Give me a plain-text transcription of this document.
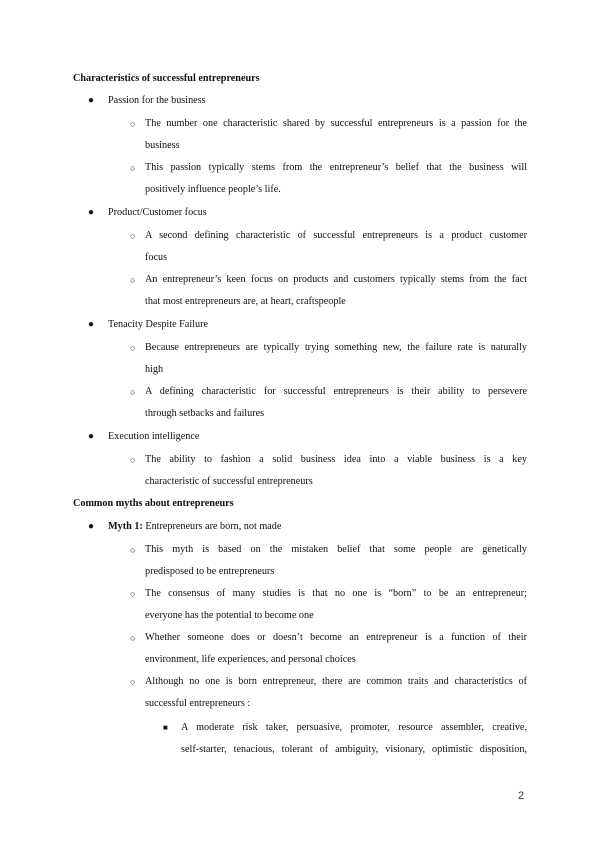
Characteristics of successful entrepreneurs
● Passion for the business
○ The number one characteristic shared by successful entrepreneurs is a passion for the
business
○ This passion typically stems from the entrepreneur’s belief that the business will
positively influence people’s life.
● Product/Customer focus
○ A second defining characteristic of successful entrepreneurs is a product customer
focus
○ An entrepreneur’s keen focus on products and customers typically stems from the fact
that most entrepreneurs are, at heart, craftspeople
● Tenacity Despite Failure
○ Because entrepreneurs are typically trying something new, the failure rate is naturally
high
○ A defining characteristic for successful entrepreneurs is their ability to persevere
through setbacks and failures
● Execution intelligence
○ The ability to fashion a solid business idea into a viable business is a key
characteristic of successful entrepreneurs
Common myths about entrepreneurs
● Myth 1: Entrepreneurs are born, not made
○ This myth is based on the mistaken belief that some people are genetically
predisposed to be entrepreneurs
○ The consensus of many studies is that no one is “born” to be an entrepreneur;
everyone has the potential to become one
○ Whether someone does or doesn’t become an entrepreneur is a function of their
environment, life experiences, and personal choices
○ Although no one is born entrepreneur, there are common traits and characteristics of
successful entrepreneurs :
■ A moderate risk taker, persuasive, promoter, resource assembler, creative,
self-starter, tenacious, tolerant of ambiguity, visionary, optimistic disposition,
2
